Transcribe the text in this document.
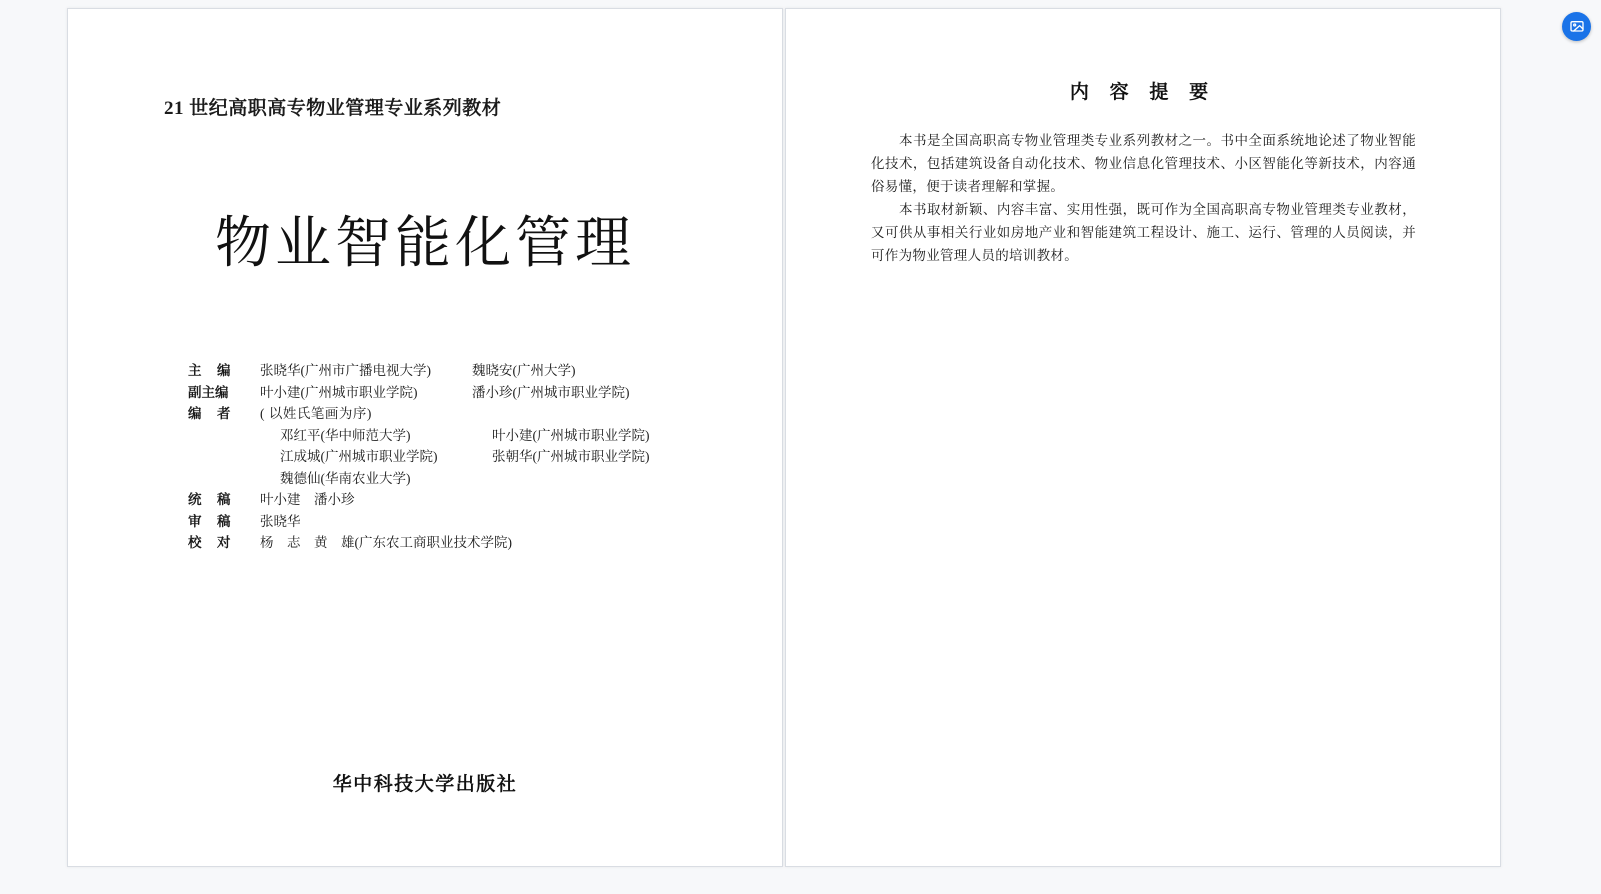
21 世纪高职高专物业管理专业系列教材
物业智能化管理
主　编	张晓华(广州市广播电视大学)	魏晓安(广州大学)
副主编	叶小建(广州城市职业学院)	潘小珍(广州城市职业学院)
编　者	( 以姓氏笔画为序)
邓红平(华中师范大学)	叶小建(广州城市职业学院)
江成城(广州城市职业学院)	张朝华(广州城市职业学院)
魏德仙(华南农业大学)
统　稿	叶小建　潘小珍
审　稿	张晓华
校　对	杨　志　黄　雄(广东农工商职业技术学院)
华中科技大学出版社
内 容 提 要

本书是全国高职高专物业管理类专业系列教材之一。书中全面系统地论述了物业智能化技术，包括建筑设备自动化技术、物业信息化管理技术、小区智能化等新技术，内容通俗易懂，便于读者理解和掌握。

本书取材新颖、内容丰富、实用性强，既可作为全国高职高专物业管理类专业教材，又可供从事相关行业如房地产业和智能建筑工程设计、施工、运行、管理的人员阅读，并可作为物业管理人员的培训教材。
